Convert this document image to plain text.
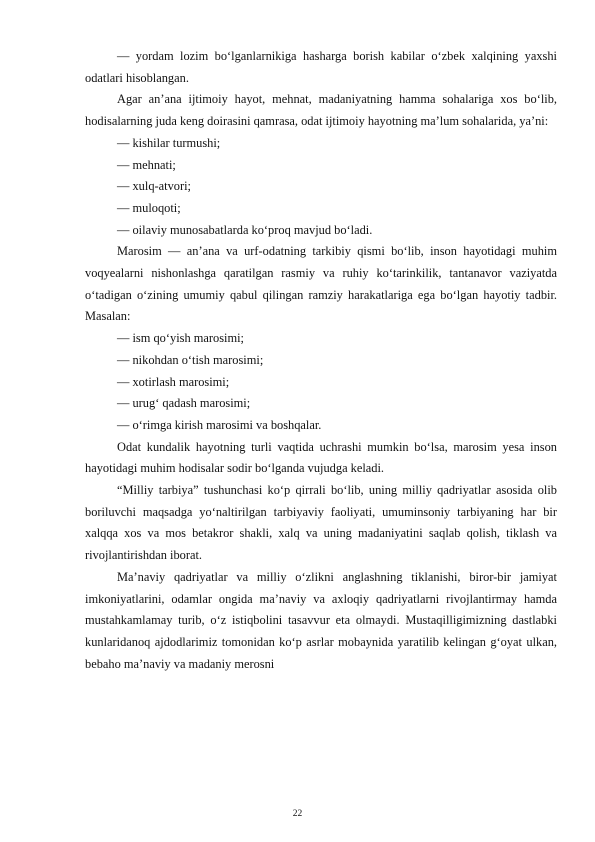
— yordam lozim bo‘lganlarnikiga hasharga borish kabilar o‘zbek xalqining yaxshi odatlari hisoblangan.

Agar an’ana ijtimoiy hayot, mehnat, madaniyatning hamma sohalariga xos bo‘lib, hodisalarning juda keng doirasini qamrasa, odat ijtimoiy hayotning ma’lum sohalarida, ya’ni:

— kishilar turmushi;

— mehnati;

— xulq-atvori;

— muloqoti;

— oilaviy munosabatlarda ko‘proq mavjud bo‘ladi.

Marosim — an’ana va urf-odatning tarkibiy qismi bo‘lib, inson hayotidagi muhim voqyealarni nishonlashga qaratilgan rasmiy va ruhiy ko‘tarinkilik, tantanavor vaziyatda o‘tadigan o‘zining umumiy qabul qilingan ramziy harakatlariga ega bo‘lgan hayotiy tadbir. Masalan:

— ism qo‘yish marosimi;

— nikohdan o‘tish marosimi;

— xotirlash marosimi;

— urug‘ qadash marosimi;

— o‘rimga kirish marosimi va boshqalar.

Odat kundalik hayotning turli vaqtida uchrashi mumkin bo‘lsa, marosim yesa inson hayotidagi muhim hodisalar sodir bo‘lganda vujudga keladi.

“Milliy tarbiya” tushunchasi ko‘p qirrali bo‘lib, uning milliy qadriyatlar asosida olib boriluvchi maqsadga yo‘naltirilgan tarbiyaviy faoliyati, umuminsoniy tarbiyaning har bir xalqqa xos va mos betakror shakli, xalq va uning madaniyatini saqlab qolish, tiklash va rivojlantirishdan iborat.

Ma’naviy qadriyatlar va milliy o‘zlikni anglashning tiklanishi, biror-bir jamiyat imkoniyatlarini, odamlar ongida ma’naviy va axloqiy qadriyatlarni rivojlantirmay hamda mustahkamlamay turib, o‘z istiqbolini tasavvur eta olmaydi. Mustaqilligimizning dastlabki kunlaridanoq ajdodlarimiz tomonidan ko‘p asrlar mobaynida yaratilib kelingan g‘oyat ulkan, bebaho ma’naviy va madaniy merosni

22
